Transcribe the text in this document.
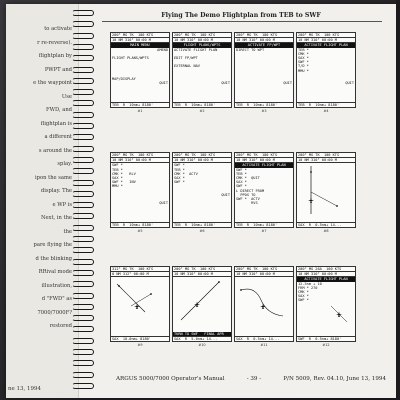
ne 13, 1994
to activate
r re-reverse).
flightplan by
PWPT and
e the waypoint
Use
FWD, and
flightplan is
a different
s around the
splay.
ipon the same
display. The
e WP is
Next, in the
the
pare flying the
d the blinking
RRival mode
illustration,
d "FWD" as
7000/7000F?
restored
Flying The Demo Flightplan from TEB to SWF
200° MG TK  100 KTS
10 NM 310° 00:00 M
MAIN MENU
AMEND

FLIGHT PLANS/WPTS

MAP/DISPLAY
QUIT
TEB  R  10nm+ 8180'
#1
200° MG TK  100 KTS
10 NM 310° 00:00 M
FLIGHT PLANS/WPTS
ACTIVATE FLIGHT PLAN

EDIT FP/WPT

EXTERNAL NAV

QUIT
TEB  R  10nm+ 8180'
#2
200° MG TK  100 KTS
10 NM 310° 00:00 M
ACTIVATE FP/WPT
DIRECT TO WPT

QUIT
TEB  R  10nm+ 8180'
#3
200° MG TK  100 KTS
10 NM 310° 00:00 M
ACTIVATE FLIGHT PLAN
TEB *
CMK *
SAX *
SWF *
T/D *
MMU *

QUIT
TEB  R  10nm+ 8180'
#4
200° MG TK  100 KTS
10 NM 310° 00:00 M
SWF *
TEB *
CMK *   RLV
SAX *
SWF *   INV
MMU *

QUIT
TEB  R  10nm+ 8180'
#5
200° MG TK  100 KTS
10 NM 310° 00:00 M
SWF *
TEB *
CMK *  ACTV
SAX *
SWF *

QUIT

TEB  R  10nm+ 8180'
#6
200° MG TK  100 KTS
10 NM 310° 00:00 M
ACTIVATE FLIGHT PLAN
SWF *
TEB *
CMK *  QUIT
SAX *
SWF *
L DIRECT FROM
PPOS TO
SWF *  ACTV
RVS
TEB  R  10nm+ 8180'
#7
200° MG TK  100 KTS
10 NM 310° 00:00 M
SAX  R  0.5nm+ 14...
#8
312° MG TK  100 KTS
0 NM 312° 00:00 M
SAX  10.0nm+ 8180'
#9
200° MG TK  100 KTS
10 NM 310° 00:00 M
TURN TO SWF   FINAL APR
SAX  R  5.0nm+ 14...
#10
200° MG TK  100 KTS
10 NM 310° 00:00 M
SAX  R  0.5nm+ 14...
#11
200° MG 26A  100 KTS
10 NM 310° 00:00 M
ACTIVATE FLIGHT PLAN
12.5nm + 10
FRM * 270
CMK *
SAX *
SWF *
SWF  R  0.5nm+ 8180'
#12
ARGUS 5000/7000 Operator's Manual	- 39 -	P/N 5009, Rev. 04.10, June 13, 1994
